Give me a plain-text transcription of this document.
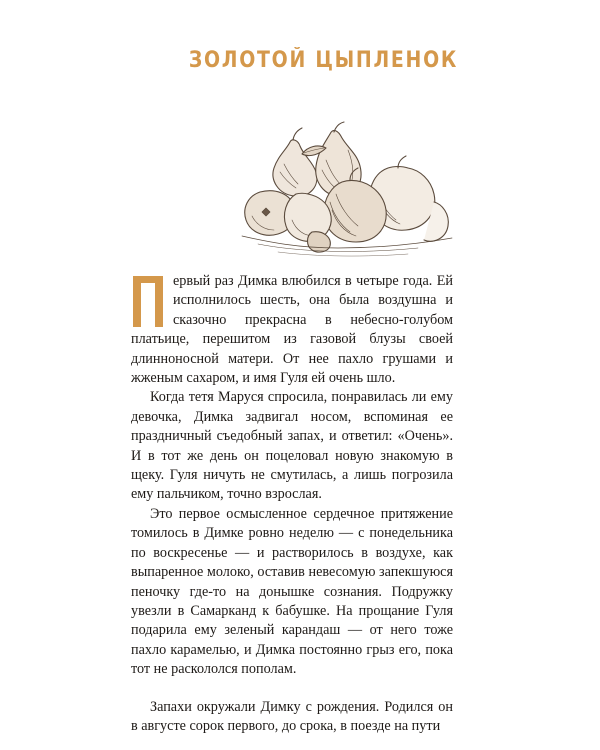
ЗОЛОТОЙ ЦЫПЛЕНОК

ервый раз Димка влюбился в четыре года. Ей исполнилось шесть, она была воздушна и сказочно прекрасна в небесно-голубом платьице, перешитом из газовой блузы своей длинноносной матери. От нее пахло грушами и жженым сахаром, и имя Гуля ей очень шло.

Когда тетя Маруся спросила, понравилась ли ему девочка, Димка задвигал носом, вспоминая ее праздничный съедобный запах, и ответил: «Очень». И в тот же день он поцеловал новую знакомую в щеку. Гуля ничуть не смутилась, а лишь погрозила ему пальчиком, точно взрослая.

Это первое осмысленное сердечное притяжение томилось в Димке ровно неделю — с понедельника по воскресенье — и растворилось в воздухе, как выпаренное молоко, оставив невесомую запекшуюся пеночку где-то на донышке сознания. Подружку увезли в Самарканд к бабушке. На прощание Гуля подарила ему зеленый карандаш — от него тоже пахло карамелью, и Димка постоянно грыз его, пока тот не раскололся пополам.

Запахи окружали Димку с рождения. Родился он в августе сорок первого, до срока, в поезде на пути
